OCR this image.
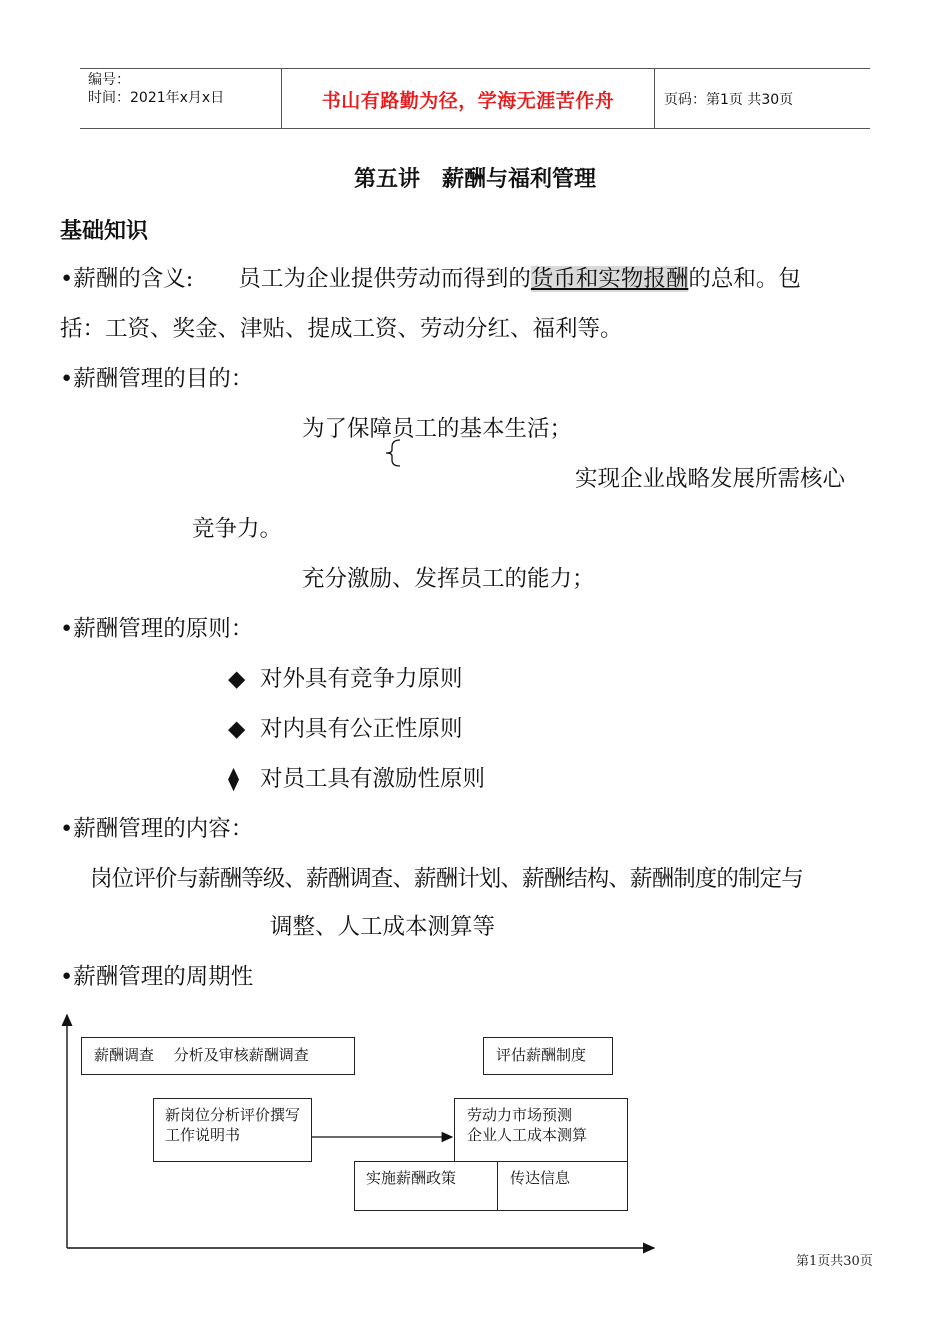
编号：
时间：2021年x月x日	书山有路勤为径，学海无涯苦作舟	页码：第1页 共30页
第五讲　薪酬与福利管理
基础知识
•薪酬的含义:　　员工为企业提供劳动而得到的货币和实物报酬的总和。包
括：工资、奖金、津贴、提成工资、劳动分红、福利等。
•薪酬管理的目的：
为了保障员工的基本生活；
实现企业战略发展所需核心
竞争力。
充分激励、发挥员工的能力；
•薪酬管理的原则：
◆ 对外具有竞争力原则
◆ 对内具有公正性原则
⧫ 对员工具有激励性原则
•薪酬管理的内容：
岗位评价与薪酬等级、薪酬调查、薪酬计划、薪酬结构、薪酬制度的制定与
调整、人工成本测算等
•薪酬管理的周期性
薪酬调查　 分析及审核薪酬调查	评估薪酬制度
新岗位分析评价撰写工作说明书
劳动力市场预测
企业人工成本测算
实施薪酬政策	传达信息
第1页共30页
